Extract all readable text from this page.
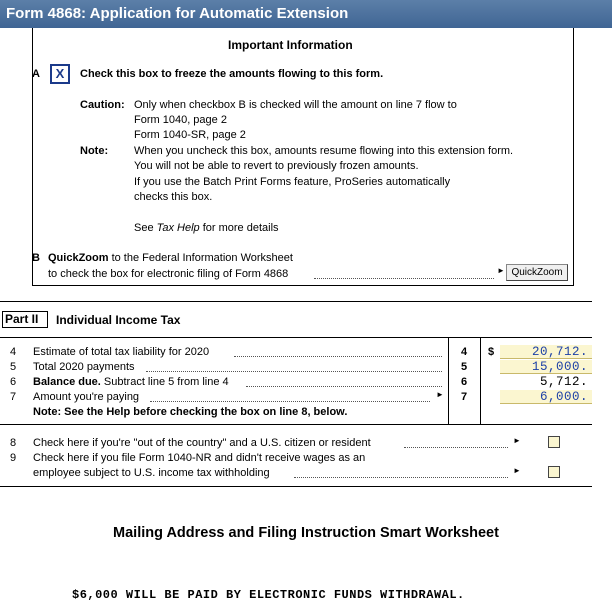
Form 4868: Application for Automatic Extension
Important Information
A	X	Check this box to freeze the amounts flowing to this form.
Caution: Only when checkbox B is checked will the amount on line 7 flow to
Form 1040, page 2
Form 1040-SR, page 2
Note: When you uncheck this box, amounts resume flowing into this extension form.
You will not be able to revert to previously frozen amounts.
If you use the Batch Print Forms feature, ProSeries automatically
checks this box.
See Tax Help for more details
B QuickZoom to the Federal Information Worksheet
to check the box for electronic filing of Form 4868	► QuickZoom
Part II	Individual Income Tax
4 Estimate of total tax liability for 2020	4 $	20,712.
5 Total 2020 payments	5	15,000.
6 Balance due. Subtract line 5 from line 4	6	5,712.
7 Amount you're paying	► 7	6,000.
Note: See the Help before checking the box on line 8, below.
8 Check here if you're "out of the country" and a U.S. citizen or resident	►
9 Check here if you file Form 1040-NR and didn't receive wages as an
employee subject to U.S. income tax withholding	►
Mailing Address and Filing Instruction Smart Worksheet
$6,000 WILL BE PAID BY ELECTRONIC FUNDS WITHDRAWAL.
